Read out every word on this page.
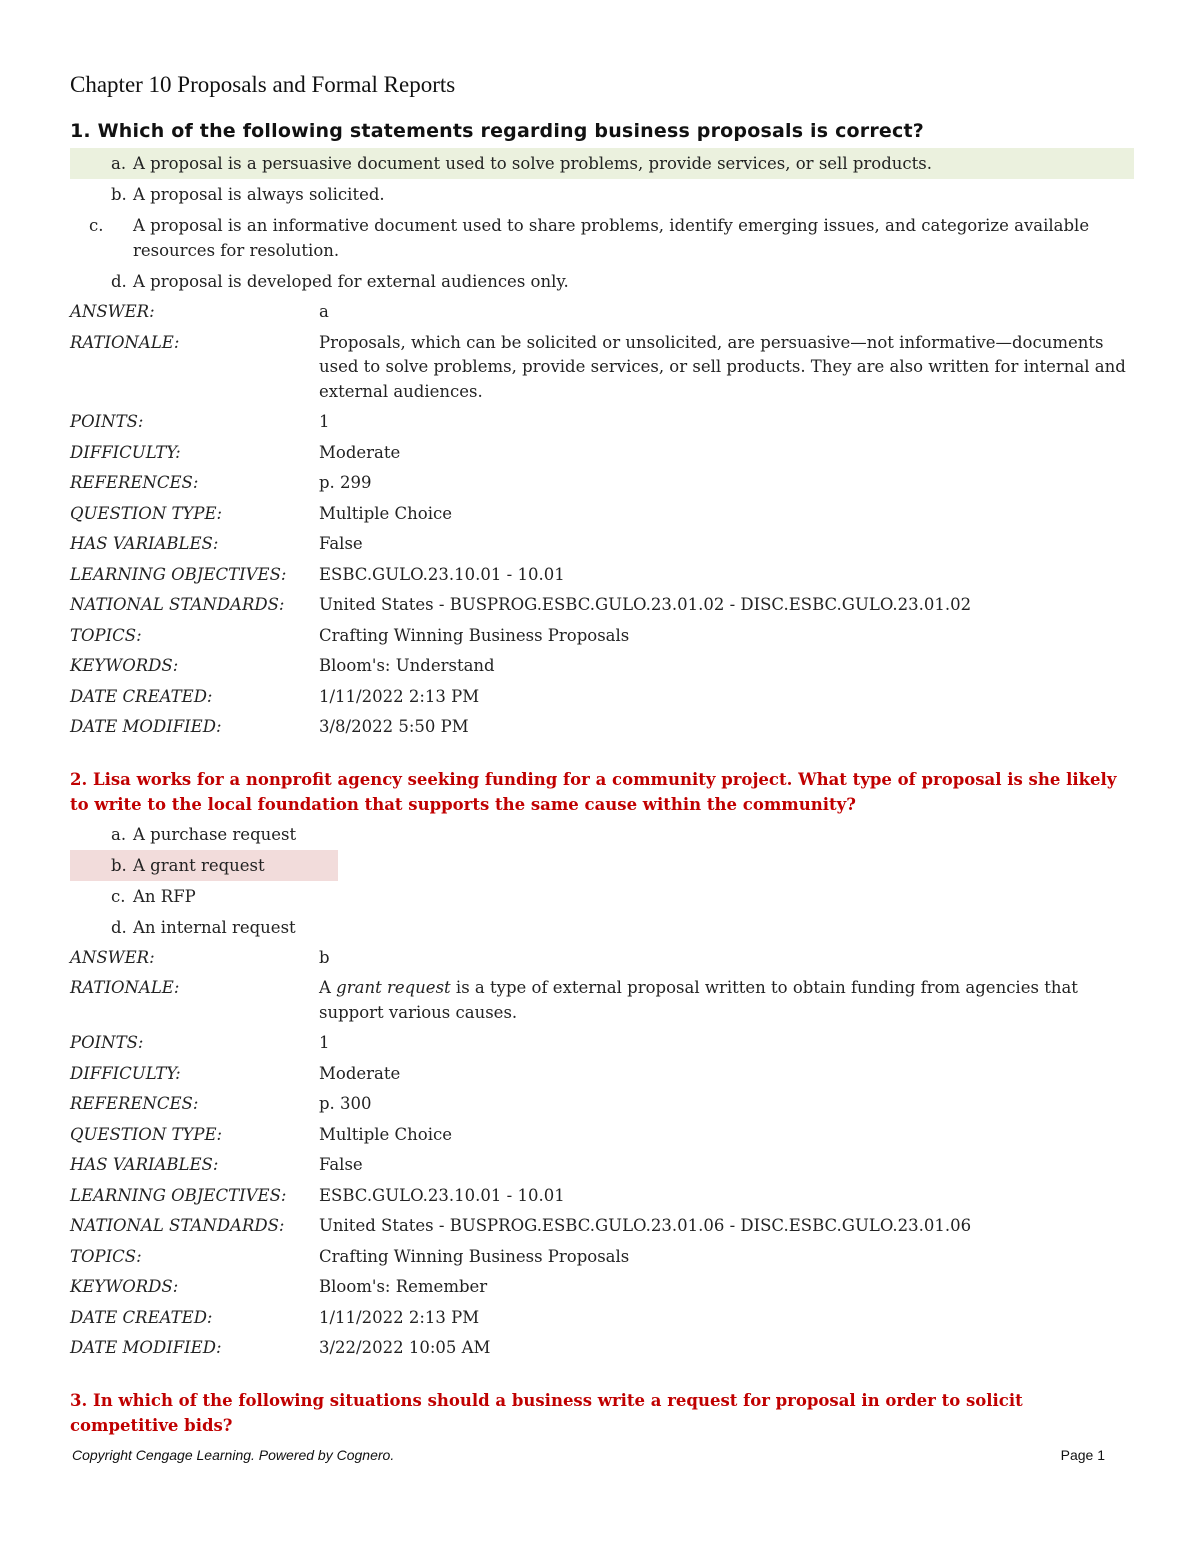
Chapter 10 Proposals and Formal Reports
1. Which of the following statements regarding business proposals is correct?
a. A proposal is a persuasive document used to solve problems, provide services, or sell products.
b. A proposal is always solicited.
c. A proposal is an informative document used to share problems, identify emerging issues, and categorize available resources for resolution.
d. A proposal is developed for external audiences only.
ANSWER:	a
RATIONALE:	Proposals, which can be solicited or unsolicited, are persuasive—not informative—documents used to solve problems, provide services, or sell products. They are also written for internal and external audiences.
POINTS:	1
DIFFICULTY:	Moderate
REFERENCES:	p. 299
QUESTION TYPE:	Multiple Choice
HAS VARIABLES:	False
LEARNING OBJECTIVES:	ESBC.GULO.23.10.01 - 10.01
NATIONAL STANDARDS:	United States - BUSPROG.ESBC.GULO.23.01.02 - DISC.ESBC.GULO.23.01.02
TOPICS:	Crafting Winning Business Proposals
KEYWORDS:	Bloom's: Understand
DATE CREATED:	1/11/2022 2:13 PM
DATE MODIFIED:	3/8/2022 5:50 PM
2. Lisa works for a nonprofit agency seeking funding for a community project. What type of proposal is she likely to write to the local foundation that supports the same cause within the community?
a. A purchase request
b. A grant request
c. An RFP
d. An internal request
ANSWER:	b
RATIONALE:	A grant request is a type of external proposal written to obtain funding from agencies that support various causes.
POINTS:	1
DIFFICULTY:	Moderate
REFERENCES:	p. 300
QUESTION TYPE:	Multiple Choice
HAS VARIABLES:	False
LEARNING OBJECTIVES:	ESBC.GULO.23.10.01 - 10.01
NATIONAL STANDARDS:	United States - BUSPROG.ESBC.GULO.23.01.06 - DISC.ESBC.GULO.23.01.06
TOPICS:	Crafting Winning Business Proposals
KEYWORDS:	Bloom's: Remember
DATE CREATED:	1/11/2022 2:13 PM
DATE MODIFIED:	3/22/2022 10:05 AM
3. In which of the following situations should a business write a request for proposal in order to solicit competitive bids?
Copyright Cengage Learning. Powered by Cognero.	Page 1
